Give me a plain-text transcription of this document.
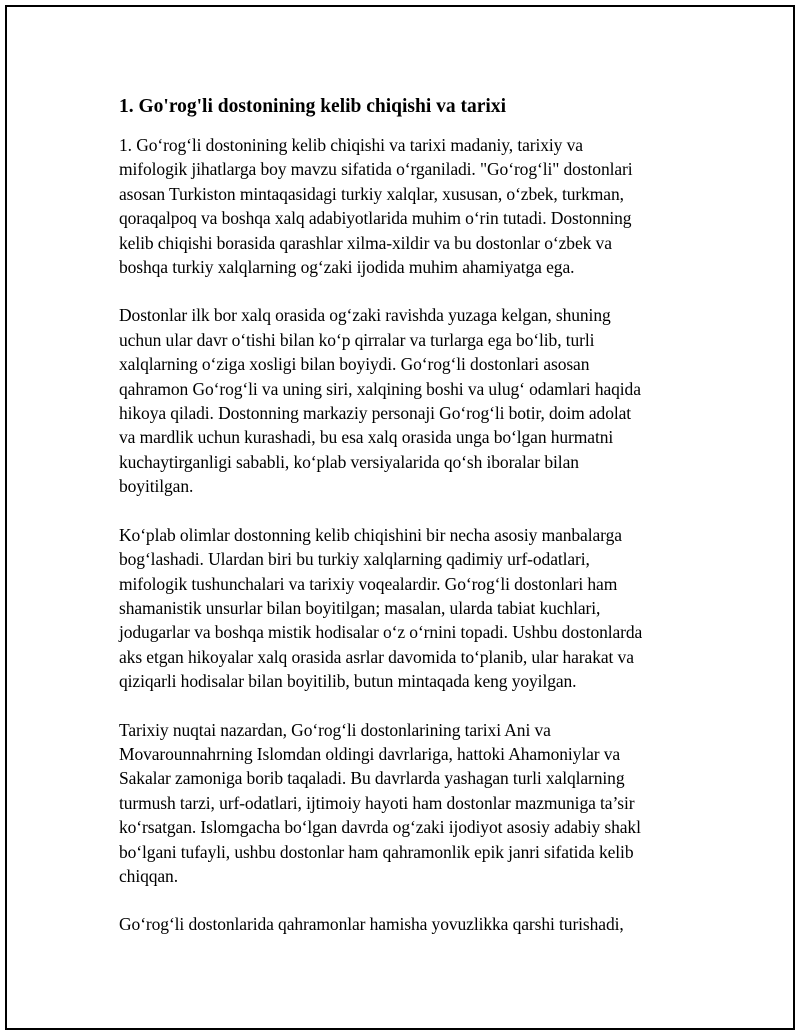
1. Go'rog'li dostonining kelib chiqishi va tarixi

1. Go‘rog‘li dostonining kelib chiqishi va tarixi madaniy, tarixiy va
mifologik jihatlarga boy mavzu sifatida o‘rganiladi. "Go‘rog‘li" dostonlari
asosan Turkiston mintaqasidagi turkiy xalqlar, xususan, o‘zbek, turkman,
qoraqalpoq va boshqa xalq adabiyotlarida muhim o‘rin tutadi. Dostonning
kelib chiqishi borasida qarashlar xilma-xildir va bu dostonlar o‘zbek va
boshqa turkiy xalqlarning og‘zaki ijodida muhim ahamiyatga ega.

Dostonlar ilk bor xalq orasida og‘zaki ravishda yuzaga kelgan, shuning
uchun ular davr o‘tishi bilan ko‘p qirralar va turlarga ega bo‘lib, turli
xalqlarning o‘ziga xosligi bilan boyiydi. Go‘rog‘li dostonlari asosan
qahramon Go‘rog‘li va uning siri, xalqining boshi va ulug‘ odamlari haqida
hikoya qiladi. Dostonning markaziy personaji Go‘rog‘li botir, doim adolat
va mardlik uchun kurashadi, bu esa xalq orasida unga bo‘lgan hurmatni
kuchaytirganligi sababli, ko‘plab versiyalarida qo‘sh iboralar bilan
boyitilgan.

Ko‘plab olimlar dostonning kelib chiqishini bir necha asosiy manbalarga
bog‘lashadi. Ulardan biri bu turkiy xalqlarning qadimiy urf-odatlari,
mifologik tushunchalari va tarixiy voqealardir. Go‘rog‘li dostonlari ham
shamanistik unsurlar bilan boyitilgan; masalan, ularda tabiat kuchlari,
jodugarlar va boshqa mistik hodisalar o‘z o‘rnini topadi. Ushbu dostonlarda
aks etgan hikoyalar xalq orasida asrlar davomida to‘planib, ular harakat va
qiziqarli hodisalar bilan boyitilib, butun mintaqada keng yoyilgan.

Tarixiy nuqtai nazardan, Go‘rog‘li dostonlarining tarixi Ani va
Movarounnahrning Islomdan oldingi davrlariga, hattoki Ahamoniylar va
Sakalar zamoniga borib taqaladi. Bu davrlarda yashagan turli xalqlarning
turmush tarzi, urf-odatlari, ijtimoiy hayoti ham dostonlar mazmuniga ta’sir
ko‘rsatgan. Islomgacha bo‘lgan davrda og‘zaki ijodiyot asosiy adabiy shakl
bo‘lgani tufayli, ushbu dostonlar ham qahramonlik epik janri sifatida kelib
chiqqan.

Go‘rog‘li dostonlarida qahramonlar hamisha yovuzlikka qarshi turishadi,
